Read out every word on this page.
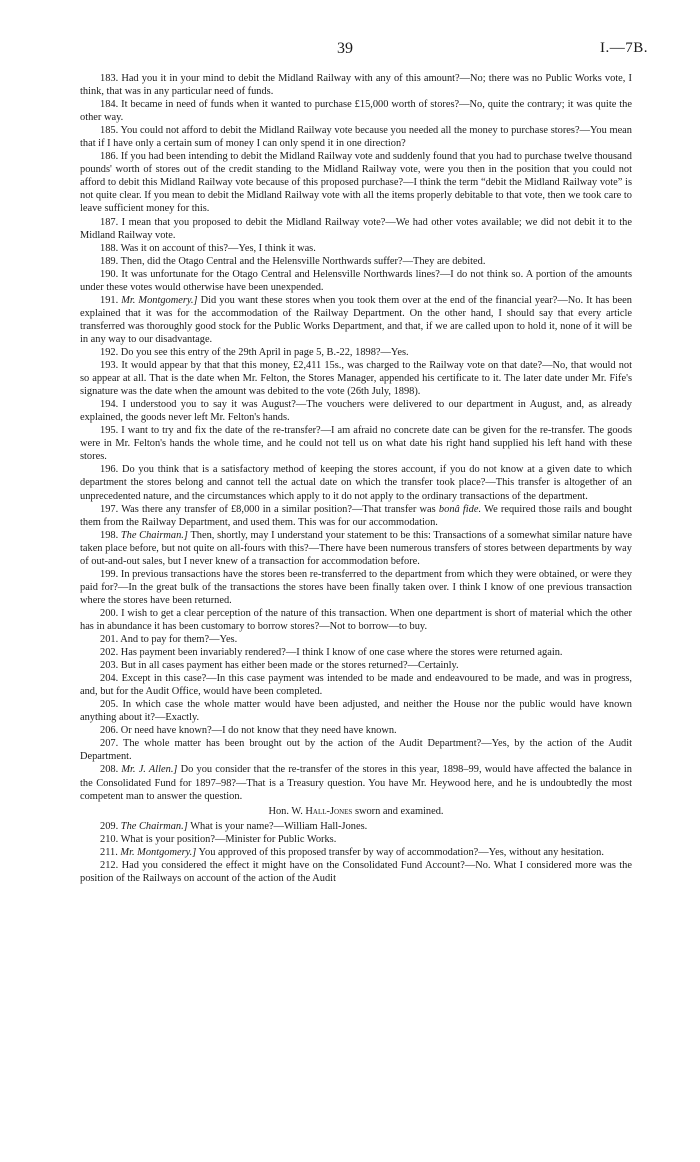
39	I.—7B.

183. Had you it in your mind to debit the Midland Railway with any of this amount?—No; there was no Public Works vote, I think, that was in any particular need of funds.

184. It became in need of funds when it wanted to purchase £15,000 worth of stores?—No, quite the contrary; it was quite the other way.

185. You could not afford to debit the Midland Railway vote because you needed all the money to purchase stores?—You mean that if I have only a certain sum of money I can only spend it in one direction?

186. If you had been intending to debit the Midland Railway vote and suddenly found that you had to purchase twelve thousand pounds' worth of stores out of the credit standing to the Midland Railway vote, were you then in the position that you could not afford to debit this Midland Railway vote because of this proposed purchase?—I think the term “debit the Midland Railway vote” is not quite clear. If you mean to debit the Midland Railway vote with all the items properly debitable to that vote, then we took care to leave sufficient money for this.

187. I mean that you proposed to debit the Midland Railway vote?—We had other votes available; we did not debit it to the Midland Railway vote.

188. Was it on account of this?—Yes, I think it was.

189. Then, did the Otago Central and the Helensville Northwards suffer?—They are debited.

190. It was unfortunate for the Otago Central and Helensville Northwards lines?—I do not think so. A portion of the amounts under these votes would otherwise have been unexpended.

191. Mr. Montgomery.] Did you want these stores when you took them over at the end of the financial year?—No. It has been explained that it was for the accommodation of the Railway Department. On the other hand, I should say that every article transferred was thoroughly good stock for the Public Works Department, and that, if we are called upon to hold it, none of it will be in any way to our disadvantage.

192. Do you see this entry of the 29th April in page 5, B.-22, 1898?—Yes.

193. It would appear by that that this money, £2,411 15s., was charged to the Railway vote on that date?—No, that would not so appear at all. That is the date when Mr. Felton, the Stores Manager, appended his certificate to it. The later date under Mr. Fife's signature was the date when the amount was debited to the vote (26th July, 1898).

194. I understood you to say it was August?—The vouchers were delivered to our department in August, and, as already explained, the goods never left Mr. Felton's hands.

195. I want to try and fix the date of the re-transfer?—I am afraid no concrete date can be given for the re-transfer. The goods were in Mr. Felton's hands the whole time, and he could not tell us on what date his right hand supplied his left hand with these stores.

196. Do you think that is a satisfactory method of keeping the stores account, if you do not know at a given date to which department the stores belong and cannot tell the actual date on which the transfer took place?—This transfer is altogether of an unprecedented nature, and the circumstances which apply to it do not apply to the ordinary transactions of the department.

197. Was there any transfer of £8,000 in a similar position?—That transfer was bonâ fide. We required those rails and bought them from the Railway Department, and used them. This was for our accommodation.

198. The Chairman.] Then, shortly, may I understand your statement to be this: Transactions of a somewhat similar nature have taken place before, but not quite on all-fours with this?—There have been numerous transfers of stores between departments by way of out-and-out sales, but I never knew of a transaction for accommodation before.

199. In previous transactions have the stores been re-transferred to the department from which they were obtained, or were they paid for?—In the great bulk of the transactions the stores have been finally taken over. I think I know of one previous transaction where the stores have been returned.

200. I wish to get a clear perception of the nature of this transaction. When one department is short of material which the other has in abundance it has been customary to borrow stores?—Not to borrow—to buy.

201. And to pay for them?—Yes.

202. Has payment been invariably rendered?—I think I know of one case where the stores were returned again.

203. But in all cases payment has either been made or the stores returned?—Certainly.

204. Except in this case?—In this case payment was intended to be made and endeavoured to be made, and was in progress, and, but for the Audit Office, would have been completed.

205. In which case the whole matter would have been adjusted, and neither the House nor the public would have known anything about it?—Exactly.

206. Or need have known?—I do not know that they need have known.

207. The whole matter has been brought out by the action of the Audit Department?—Yes, by the action of the Audit Department.

208. Mr. J. Allen.] Do you consider that the re-transfer of the stores in this year, 1898–99, would have affected the balance in the Consolidated Fund for 1897–98?—That is a Treasury question. You have Mr. Heywood here, and he is undoubtedly the most competent man to answer the question.

Hon. W. Hall-Jones sworn and examined.

209. The Chairman.] What is your name?—William Hall-Jones.

210. What is your position?—Minister for Public Works.

211. Mr. Montgomery.] You approved of this proposed transfer by way of accommodation?—Yes, without any hesitation.

212. Had you considered the effect it might have on the Consolidated Fund Account?—No. What I considered more was the position of the Railways on account of the action of the Audit
